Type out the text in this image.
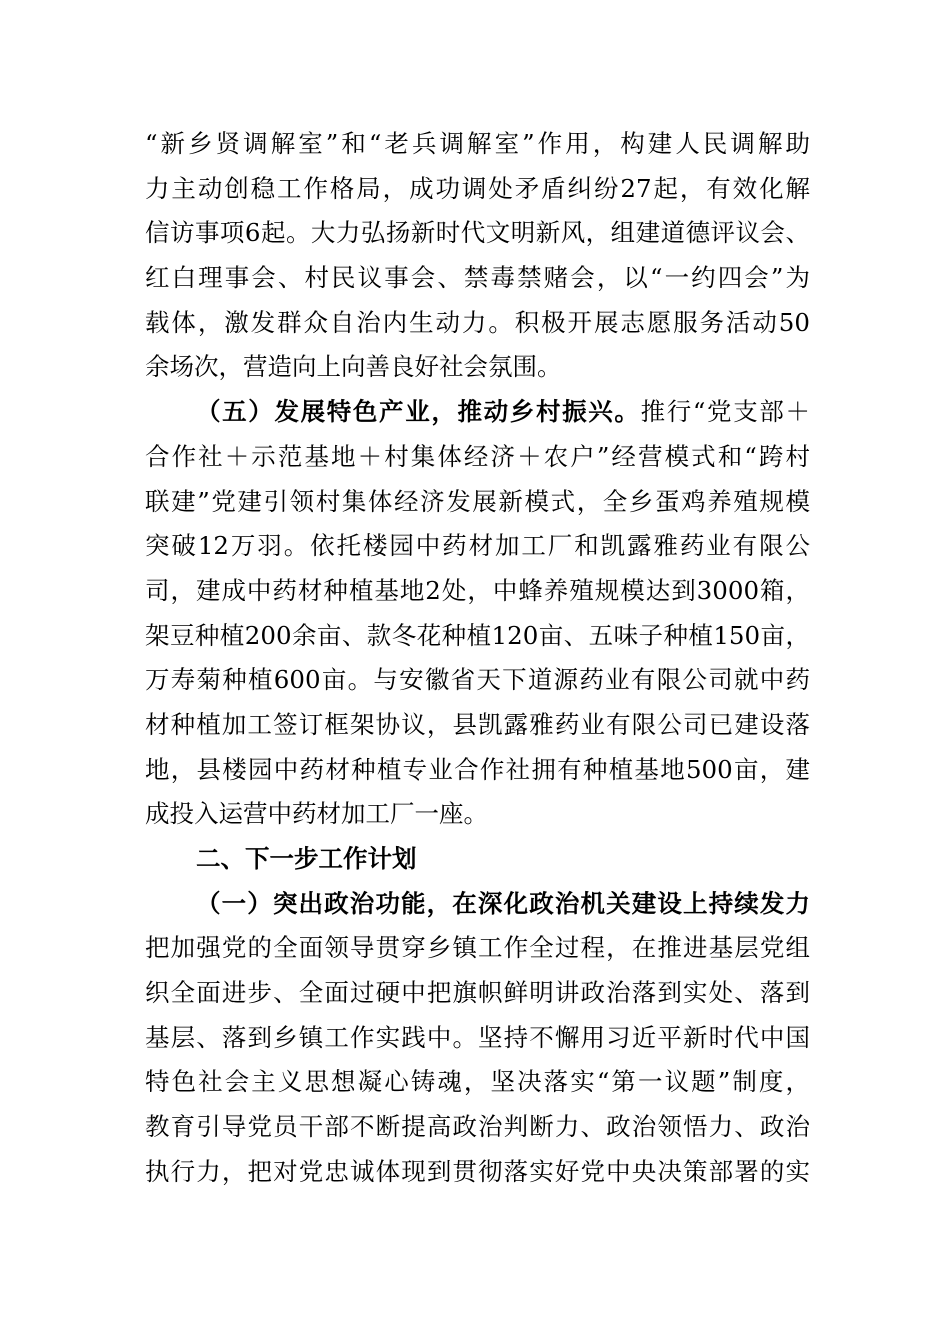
“新乡贤调解室”和“老兵调解室”作用，构建人民调解助
力主动创稳工作格局，成功调处矛盾纠纷27起，有效化解
信访事项6起。大力弘扬新时代文明新风，组建道德评议会、
红白理事会、村民议事会、禁毒禁赌会，以“一约四会”为
载体，激发群众自治内生动力。积极开展志愿服务活动50
余场次，营造向上向善良好社会氛围。
（五）发展特色产业，推动乡村振兴。推行“党支部＋
合作社＋示范基地＋村集体经济＋农户”经营模式和“跨村
联建”党建引领村集体经济发展新模式，全乡蛋鸡养殖规模
突破12万羽。依托楼园中药材加工厂和凯露雅药业有限公
司，建成中药材种植基地2处，中蜂养殖规模达到3000箱，
架豆种植200余亩、款冬花种植120亩、五味子种植150亩，
万寿菊种植600亩。与安徽省天下道源药业有限公司就中药
材种植加工签订框架协议，县凯露雅药业有限公司已建设落
地，县楼园中药材种植专业合作社拥有种植基地500亩，建
成投入运营中药材加工厂一座。
二、下一步工作计划
（一）突出政治功能，在深化政治机关建设上持续发力
把加强党的全面领导贯穿乡镇工作全过程，在推进基层党组
织全面进步、全面过硬中把旗帜鲜明讲政治落到实处、落到
基层、落到乡镇工作实践中。坚持不懈用习近平新时代中国
特色社会主义思想凝心铸魂，坚决落实“第一议题”制度，
教育引导党员干部不断提高政治判断力、政治领悟力、政治
执行力，把对党忠诚体现到贯彻落实好党中央决策部署的实
